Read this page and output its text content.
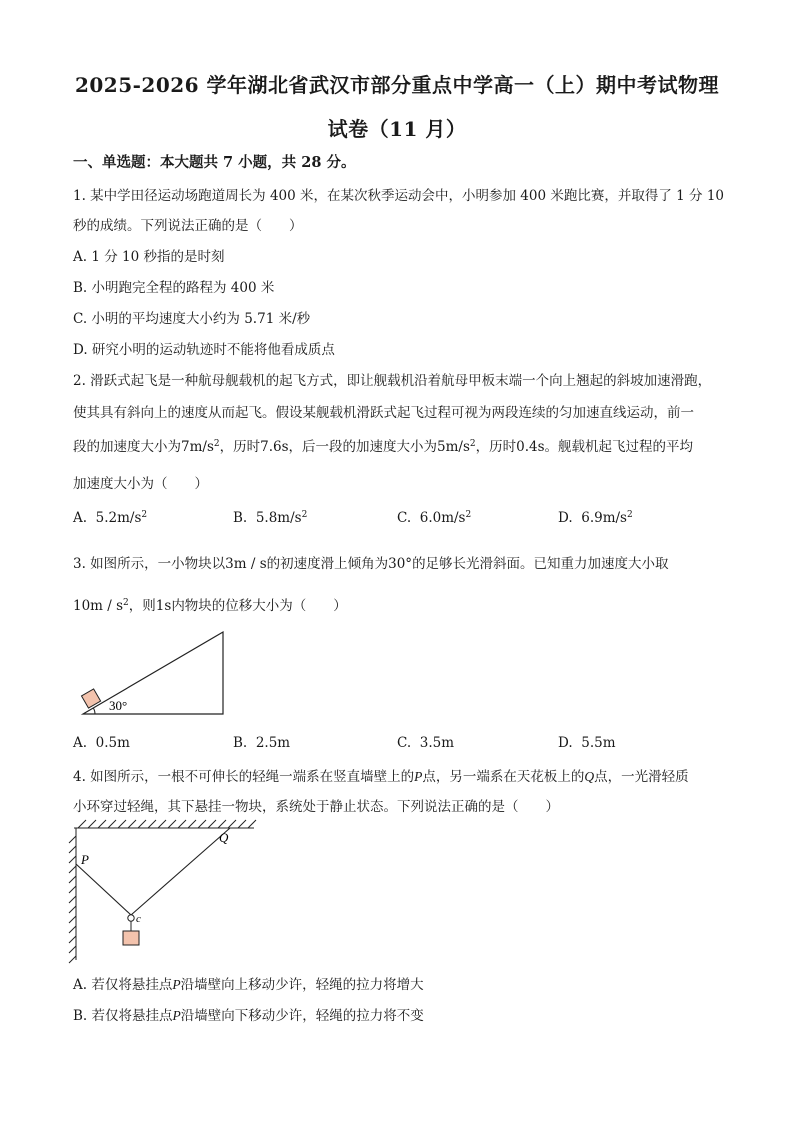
2025-2026 学年湖北省武汉市部分重点中学高一（上）期中考试物理
试卷（11 月）
一、单选题：本大题共 7 小题，共 28 分。
1. 某中学田径运动场跑道周长为 400 米，在某次秋季运动会中，小明参加 400 米跑比赛，并取得了 1 分 10
秒的成绩。下列说法正确的是（　　）
A. 1 分 10 秒指的是时刻
B. 小明跑完全程的路程为 400 米
C. 小明的平均速度大小约为 5.71 米/秒
D. 研究小明的运动轨迹时不能将他看成质点
2. 滑跃式起飞是一种航母舰载机的起飞方式，即让舰载机沿着航母甲板末端一个向上翘起的斜坡加速滑跑，
使其具有斜向上的速度从而起飞。假设某舰载机滑跃式起飞过程可视为两段连续的匀加速直线运动，前一
段的加速度大小为$7m/s^2$，历时7.6s，后一段的加速度大小为$5m/s^2$，历时0.4s。舰载机起飞过程的平均
加速度大小为（　　）
A. $5.2m/s^2$	B. $5.8m/s^2$	C. $6.0m/s^2$	D. $6.9m/s^2$
3. 如图所示，一小物块以3m / s的初速度滑上倾角为30°的足够长光滑斜面。已知重力加速度大小取
$10m / s^2$，则1s内物块的位移大小为（　　）
30°
A. 0.5m	B. 2.5m	C. 3.5m	D. 5.5m
4. 如图所示，一根不可伸长的轻绳一端系在竖直墙壁上的P点，另一端系在天花板上的Q点，一光滑轻质
小环穿过轻绳，其下悬挂一物块，系统处于静止状态。下列说法正确的是（　　）
P
Q
c
A. 若仅将悬挂点P沿墙壁向上移动少许，轻绳的拉力将增大
B. 若仅将悬挂点P沿墙壁向下移动少许，轻绳的拉力将不变
